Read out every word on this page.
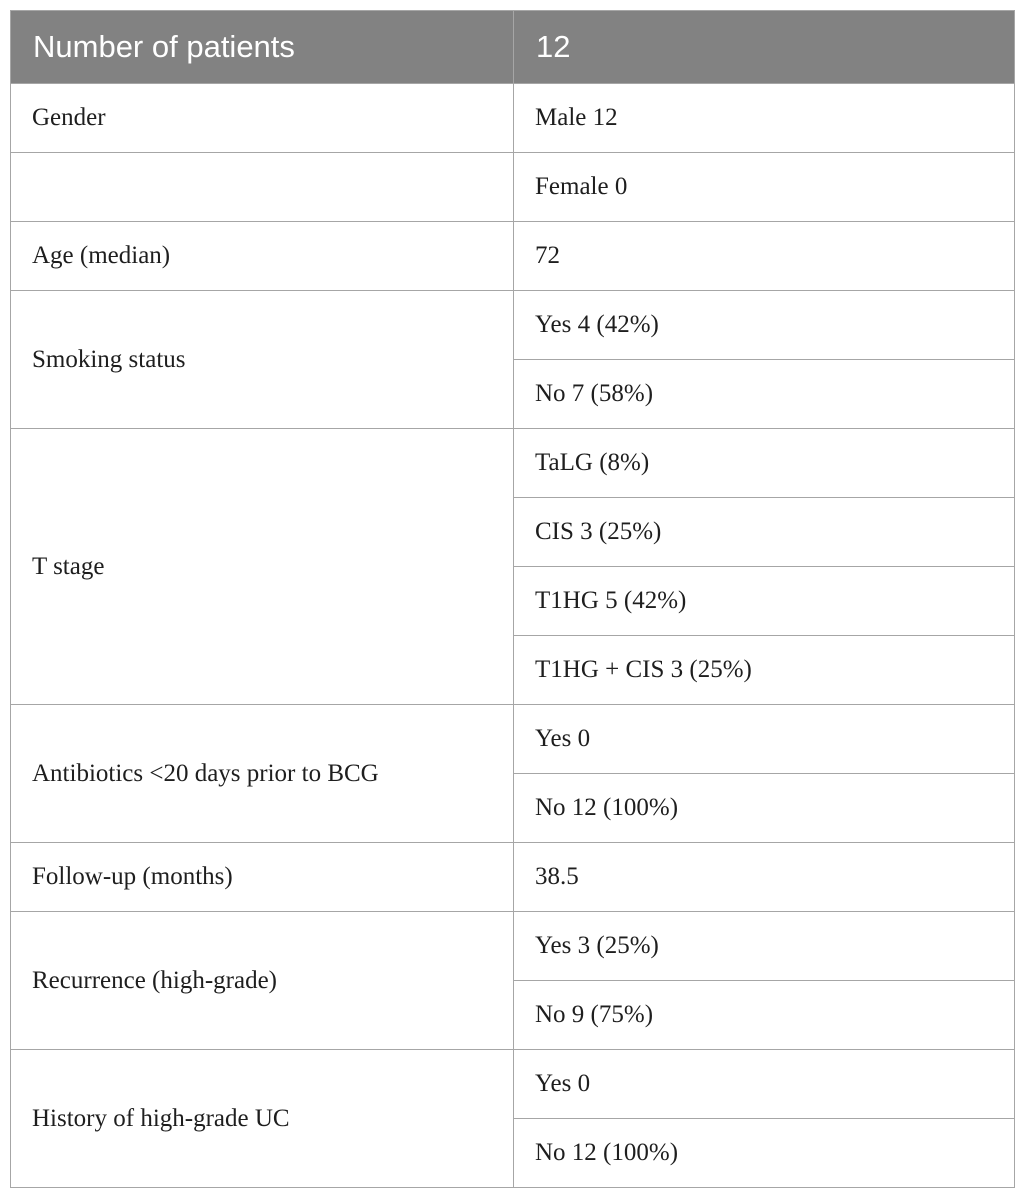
Number of patients	12
Gender	Male 12
	Female 0
Age (median)	72
Smoking status	Yes 4 (42%)
	No 7 (58%)
T stage	TaLG (8%)
	CIS 3 (25%)
	T1HG 5 (42%)
	T1HG + CIS 3 (25%)
Antibiotics <20 days prior to BCG	Yes 0
	No 12 (100%)
Follow-up (months)	38.5
Recurrence (high-grade)	Yes 3 (25%)
	No 9 (75%)
History of high-grade UC	Yes 0
	No 12 (100%)
